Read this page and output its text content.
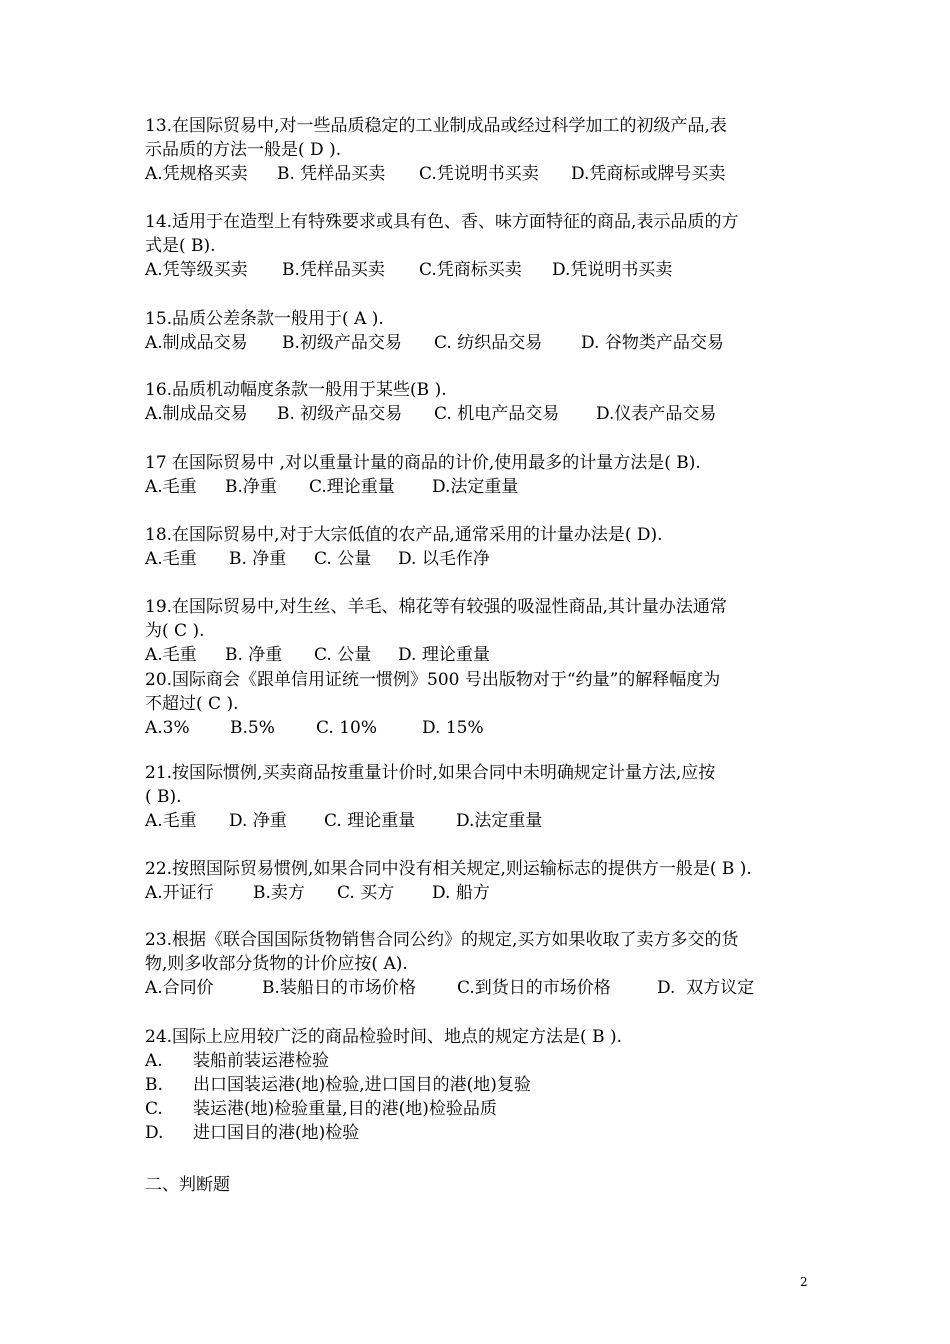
13.在国际贸易中,对一些品质稳定的工业制成品或经过科学加工的初级产品,表
示品质的方法一般是( D ).
A.凭规格买卖 B. 凭样品买卖 C.凭说明书买卖 D.凭商标或牌号买卖
14.适用于在造型上有特殊要求或具有色、香、味方面特征的商品,表示品质的方
式是( B).
A.凭等级买卖 B.凭样品买卖 C.凭商标买卖 D.凭说明书买卖
15.品质公差条款一般用于( A ).
A.制成品交易 B.初级产品交易 C. 纺织品交易 D. 谷物类产品交易
16.品质机动幅度条款一般用于某些(B ).
A.制成品交易 B. 初级产品交易 C. 机电产品交易 D.仪表产品交易
17 在国际贸易中 ,对以重量计量的商品的计价,使用最多的计量方法是( B).
A.毛重 B.净重 C.理论重量 D.法定重量
18.在国际贸易中,对于大宗低值的农产品,通常采用的计量办法是( D).
A.毛重 B. 净重 C. 公量 D. 以毛作净
19.在国际贸易中,对生丝、羊毛、棉花等有较强的吸湿性商品,其计量办法通常
为( C ).
A.毛重 B. 净重 C. 公量 D. 理论重量
20.国际商会《跟单信用证统一惯例》500 号出版物对于“约量”的解释幅度为
不超过( C ).
A.3% B.5% C. 10%	D. 15%
21.按国际惯例,买卖商品按重量计价时,如果合同中未明确规定计量方法,应按
( B).
A.毛重 D. 净重 C. 理论重量 D.法定重量
22.按照国际贸易惯例,如果合同中没有相关规定,则运输标志的提供方一般是( B ).
A.开证行 B.卖方 C. 买方 D. 船方
23.根据《联合国国际货物销售合同公约》的规定,买方如果收取了卖方多交的货
物,则多收部分货物的计价应按( A).
A.合同价	B.装船日的市场价格 C.到货日的市场价格	D.  双方议定
24.国际上应用较广泛的商品检验时间、地点的规定方法是( B ).
A. 装船前装运港检验
B. 出口国装运港(地)检验,进口国目的港(地)复验
C. 装运港(地)检验重量,目的港(地)检验品质
D. 进口国目的港(地)检验
二、判断题
2
